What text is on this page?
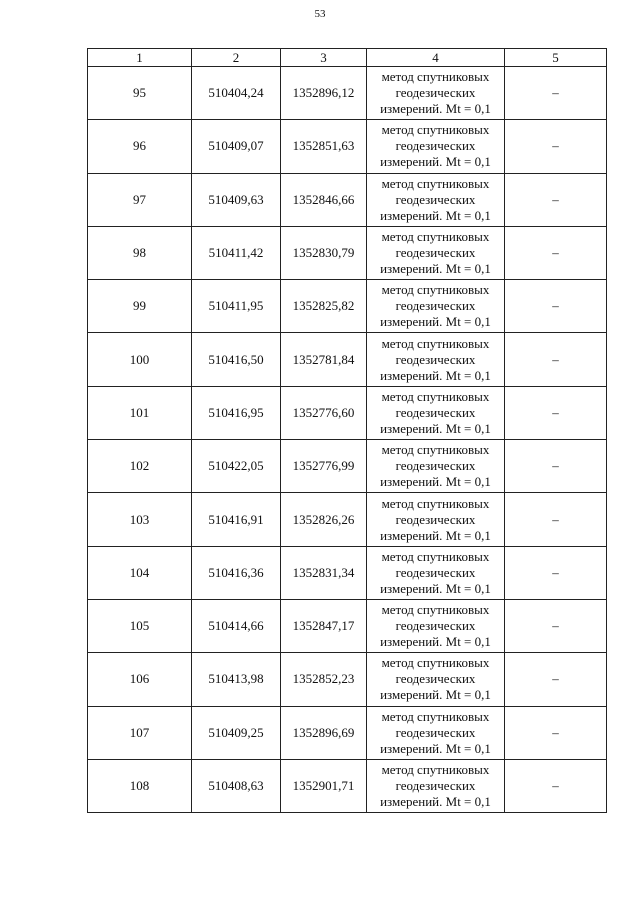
53
1	2	3	4	5
95	510404,24	1352896,12	метод спутниковых
геодезических
измерений. Mt = 0,1	–
96	510409,07	1352851,63	метод спутниковых
геодезических
измерений. Mt = 0,1	–
97	510409,63	1352846,66	метод спутниковых
геодезических
измерений. Mt = 0,1	–
98	510411,42	1352830,79	метод спутниковых
геодезических
измерений. Mt = 0,1	–
99	510411,95	1352825,82	метод спутниковых
геодезических
измерений. Mt = 0,1	–
100	510416,50	1352781,84	метод спутниковых
геодезических
измерений. Mt = 0,1	–
101	510416,95	1352776,60	метод спутниковых
геодезических
измерений. Mt = 0,1	–
102	510422,05	1352776,99	метод спутниковых
геодезических
измерений. Mt = 0,1	–
103	510416,91	1352826,26	метод спутниковых
геодезических
измерений. Mt = 0,1	–
104	510416,36	1352831,34	метод спутниковых
геодезических
измерений. Mt = 0,1	–
105	510414,66	1352847,17	метод спутниковых
геодезических
измерений. Mt = 0,1	–
106	510413,98	1352852,23	метод спутниковых
геодезических
измерений. Mt = 0,1	–
107	510409,25	1352896,69	метод спутниковых
геодезических
измерений. Mt = 0,1	–
108	510408,63	1352901,71	метод спутниковых
геодезических
измерений. Mt = 0,1	–
